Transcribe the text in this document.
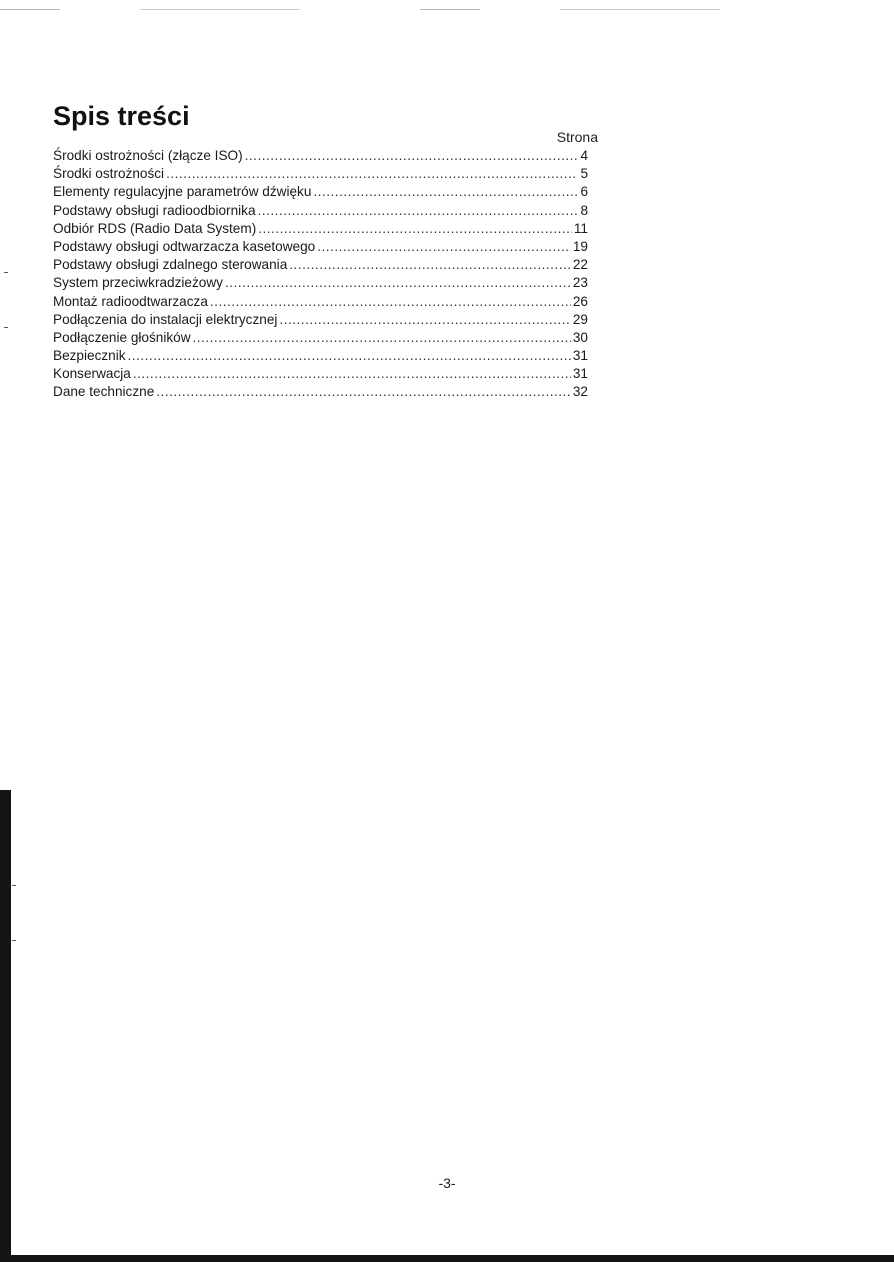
Spis treści
Strona
Środki ostrożności (złącze ISO) .....	4
Środki ostrożności .....	5
Elementy regulacyjne parametrów dźwięku .....	6
Podstawy obsługi radioodbiornika .....	8
Odbiór RDS (Radio Data System) .....	11
Podstawy obsługi odtwarzacza kasetowego .....	19
Podstawy obsługi zdalnego sterowania .....	22
System przeciwkradzieżowy .....	23
Montaż radioodtwarzacza .....	26
Podłączenia do instalacji elektrycznej .....	29
Podłączenie głośników .....	30
Bezpiecznik .....	31
Konserwacja .....	31
Dane techniczne .....	32
-3-
